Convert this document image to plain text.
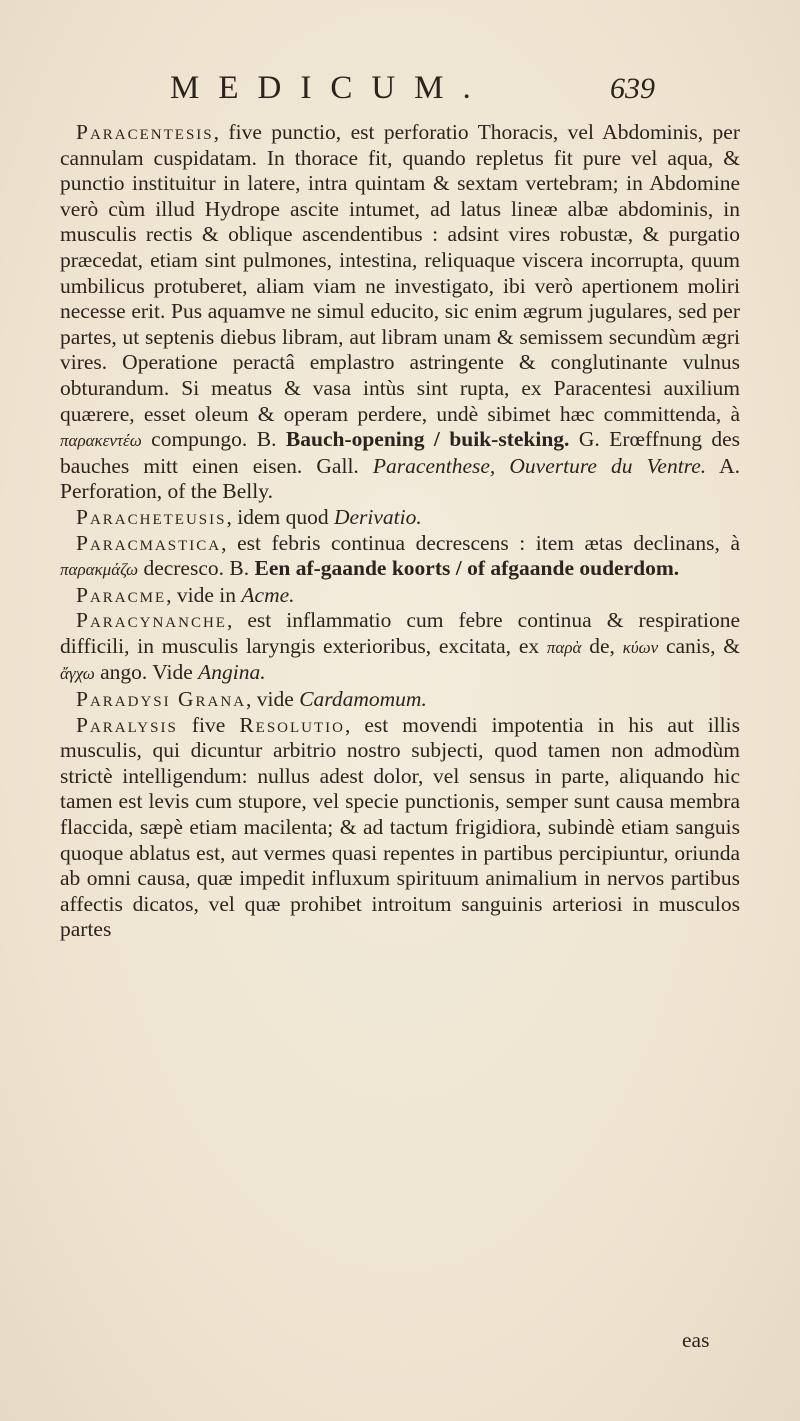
MEDICUM.	639

Paracentesis, five punctio, est perforatio Thoracis, vel Abdominis, per cannulam cuspidatam. In thorace fit, quando repletus fit pure vel aqua, & punctio instituitur in latere, intra quintam & sextam vertebram; in Abdomine verò cùm illud Hydrope ascite intumet, ad latus lineæ albæ abdominis, in musculis rectis & oblique ascendentibus : adsint vires robustæ, & purgatio præcedat, etiam sint pulmones, intestina, reliquaque viscera incorrupta, quum umbilicus protuberet, aliam viam ne investigato, ibi verò apertionem moliri necesse erit. Pus aquamve ne simul educito, sic enim ægrum jugulares, sed per partes, ut septenis diebus libram, aut libram unam & semissem secundùm ægri vires. Operatione peractâ emplastro astringente & conglutinante vulnus obturandum. Si meatus & vasa intùs sint rupta, ex Paracentesi auxilium quærere, esset oleum & operam perdere, undè sibimet hæc committenda, à παρακεντέω compungo. B. Bauch-opening / buik-steking. G. Erœffnung des bauches mitt einen eisen. Gall. Paracenthese, Ouverture du Ventre. A. Perforation, of the Belly.

Paracheteusis, idem quod Derivatio.

Paracmastica, est febris continua decrescens : item ætas declinans, à παρακμάζω decresco. B. Een af-gaande koorts / of afgaande ouderdom.

Paracme, vide in Acme.

Paracynanche, est inflammatio cum febre continua & respiratione difficili, in musculis laryngis exterioribus, excitata, ex παρὰ de, κύων canis, & ἄγχω ango. Vide Angina.

Paradysi Grana, vide Cardamomum.

Paralysis five Resolutio, est movendi impotentia in his aut illis musculis, qui dicuntur arbitrio nostro subjecti, quod tamen non admodùm strictè intelligendum: nullus adest dolor, vel sensus in parte, aliquando hic tamen est levis cum stupore, vel specie punctionis, semper sunt causa membra flaccida, sæpè etiam macilenta; & ad tactum frigidiora, subindè etiam sanguis quoque ablatus est, aut vermes quasi repentes in partibus percipiuntur, oriunda ab omni causa, quæ impedit influxum spirituum animalium in nervos partibus affectis dicatos, vel quæ prohibet introitum sanguinis arteriosi in musculos partes

eas
